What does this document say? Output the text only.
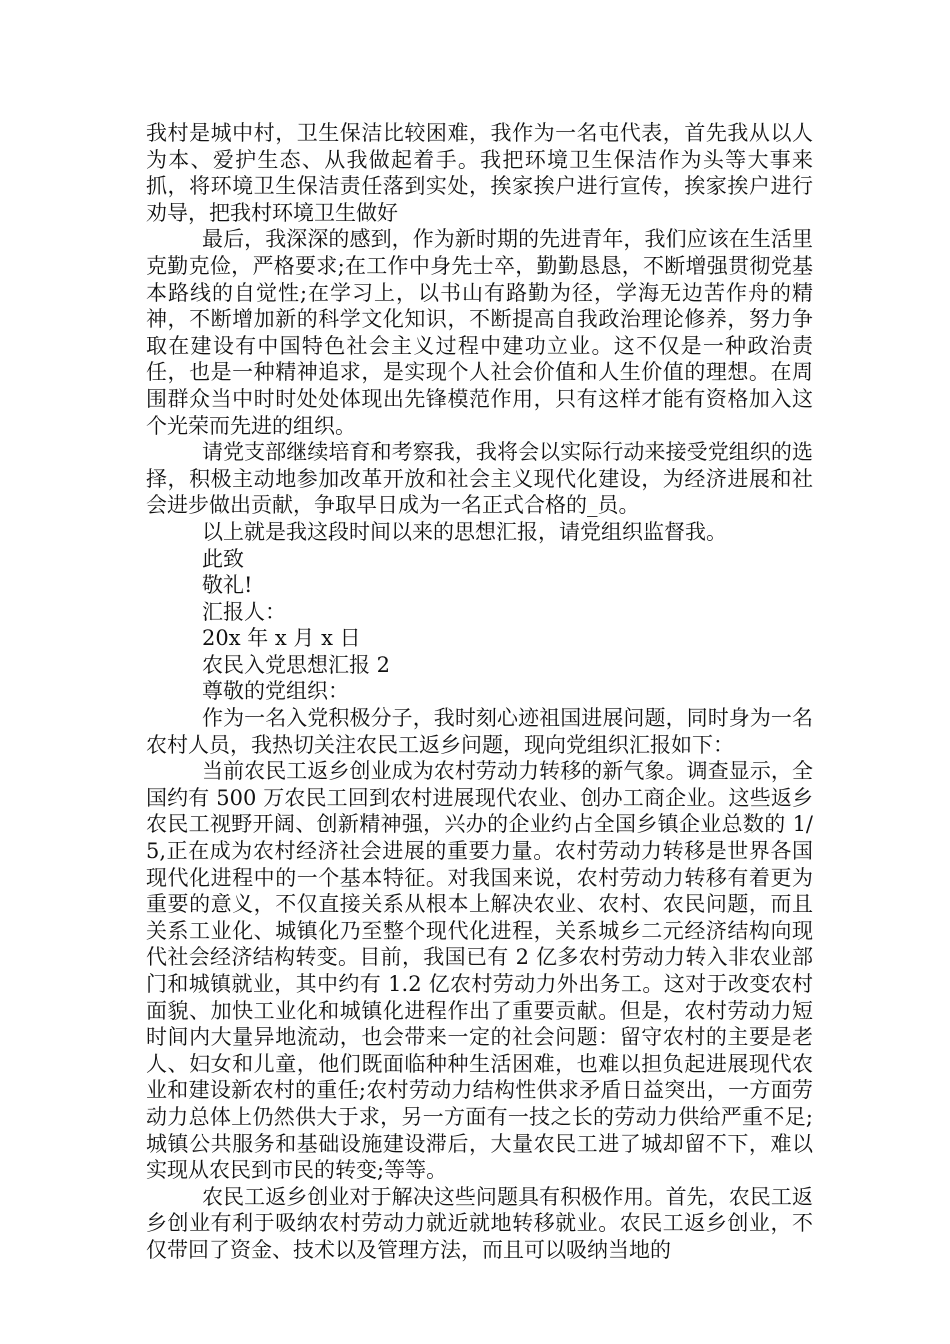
我村是城中村，卫生保洁比较困难，我作为一名屯代表，首先我从以人为本、爱护生态、从我做起着手。我把环境卫生保洁作为头等大事来抓，将环境卫生保洁责任落到实处，挨家挨户进行宣传，挨家挨户进行劝导，把我村环境卫生做好

最后，我深深的感到，作为新时期的先进青年，我们应该在生活里克勤克俭，严格要求;在工作中身先士卒，勤勤恳恳，不断增强贯彻党基本路线的自觉性;在学习上，以书山有路勤为径，学海无边苦作舟的精神，不断增加新的科学文化知识，不断提高自我政治理论修养，努力争取在建设有中国特色社会主义过程中建功立业。这不仅是一种政治责任，也是一种精神追求，是实现个人社会价值和人生价值的理想。在周围群众当中时时处处体现出先锋模范作用，只有这样才能有资格加入这个光荣而先进的组织。

请党支部继续培育和考察我，我将会以实际行动来接受党组织的选择，积极主动地参加改革开放和社会主义现代化建设，为经济进展和社会进步做出贡献，争取早日成为一名正式合格的_员。

以上就是我这段时间以来的思想汇报，请党组织监督我。

此致

敬礼!

汇报人：

20x 年 x 月 x 日

农民入党思想汇报 2

尊敬的党组织：

作为一名入党积极分子，我时刻心迹祖国进展问题，同时身为一名农村人员，我热切关注农民工返乡问题，现向党组织汇报如下：

当前农民工返乡创业成为农村劳动力转移的新气象。调查显示，全国约有 500 万农民工回到农村进展现代农业、创办工商企业。这些返乡农民工视野开阔、创新精神强，兴办的企业约占全国乡镇企业总数的 1/5,正在成为农村经济社会进展的重要力量。农村劳动力转移是世界各国现代化进程中的一个基本特征。对我国来说，农村劳动力转移有着更为重要的意义，不仅直接关系从根本上解决农业、农村、农民问题，而且关系工业化、城镇化乃至整个现代化进程，关系城乡二元经济结构向现代社会经济结构转变。目前，我国已有 2 亿多农村劳动力转入非农业部门和城镇就业，其中约有 1.2 亿农村劳动力外出务工。这对于改变农村面貌、加快工业化和城镇化进程作出了重要贡献。但是，农村劳动力短时间内大量异地流动，也会带来一定的社会问题：留守农村的主要是老人、妇女和儿童，他们既面临种种生活困难，也难以担负起进展现代农业和建设新农村的重任;农村劳动力结构性供求矛盾日益突出，一方面劳动力总体上仍然供大于求，另一方面有一技之长的劳动力供给严重不足;城镇公共服务和基础设施建设滞后，大量农民工进了城却留不下，难以实现从农民到市民的转变;等等。

农民工返乡创业对于解决这些问题具有积极作用。首先，农民工返乡创业有利于吸纳农村劳动力就近就地转移就业。农民工返乡创业，不仅带回了资金、技术以及管理方法，而且可以吸纳当地的
